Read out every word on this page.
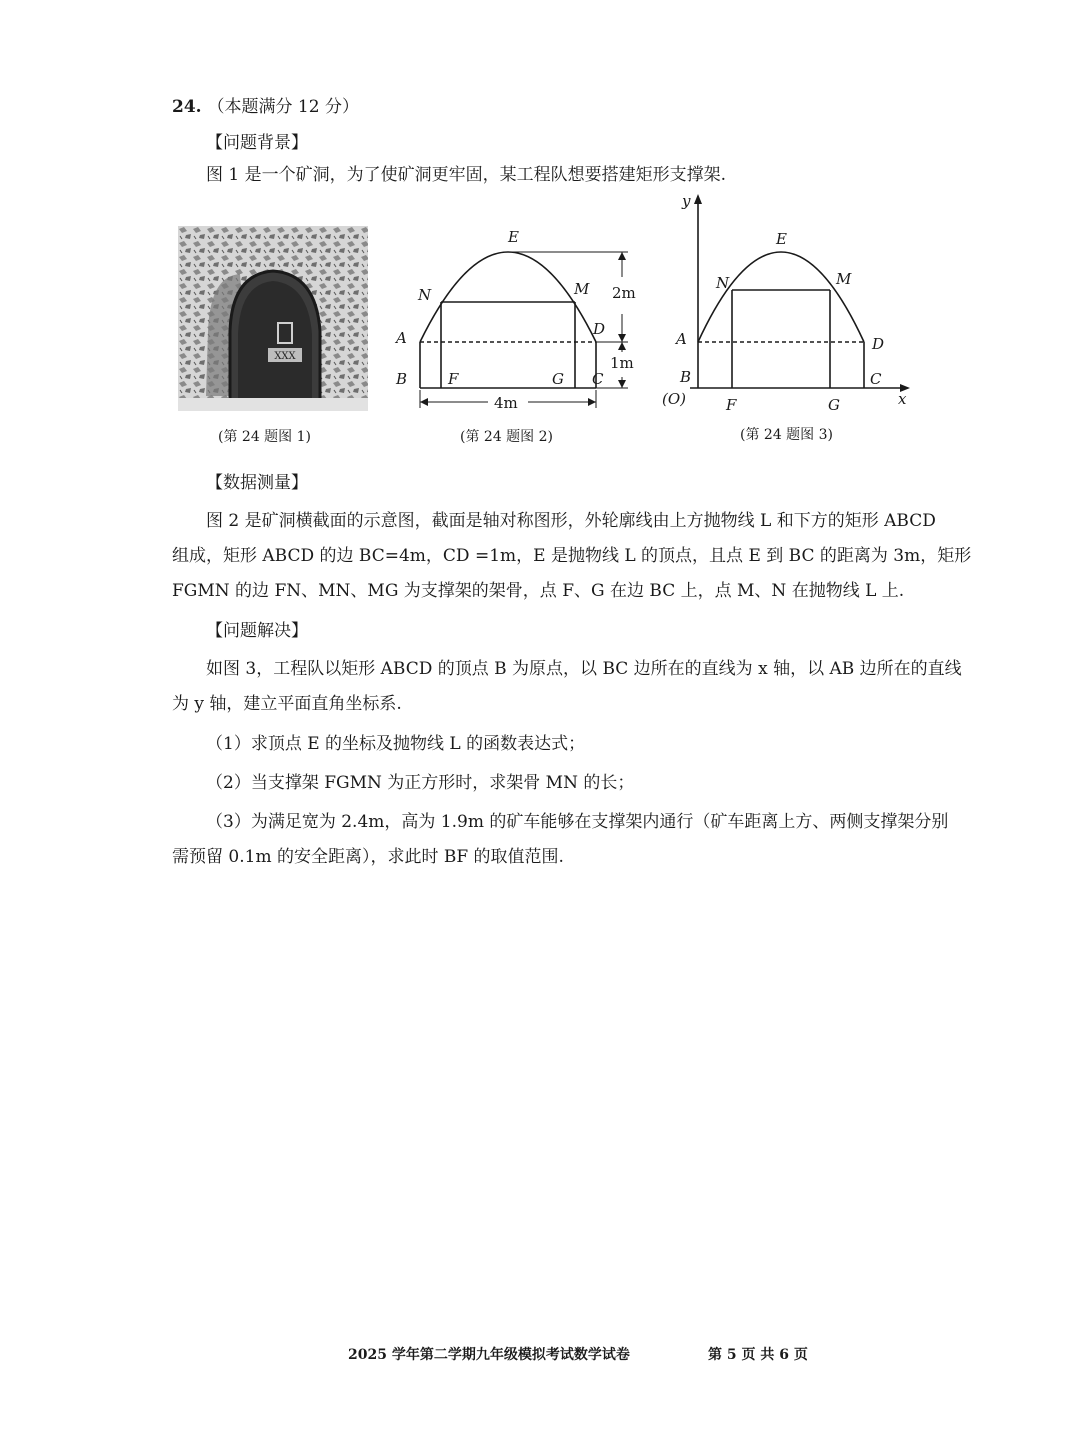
24. （本题满分 12 分）
【问题背景】
图 1 是一个矿洞，为了使矿洞更牢固，某工程队想要搭建矩形支撑架.
XXX
(第 24 题图 1)
E
N	M
A	D
B	F	G C
2m
1m
4m
(第 24 题图 2)
y
x
E
N	M
A	D
B
(O)	F	G
C
(第 24 题图 3)
【数据测量】
图 2 是矿洞横截面的示意图，截面是轴对称图形，外轮廓线由上方抛物线 L 和下方的矩形 ABCD
组成，矩形 ABCD 的边 BC=4m，CD =1m，E 是抛物线 L 的顶点，且点 E 到 BC 的距离为 3m，矩形
FGMN 的边 FN、MN、MG 为支撑架的架骨，点 F、G 在边 BC 上，点 M、N 在抛物线 L 上.
【问题解决】
如图 3，工程队以矩形 ABCD 的顶点 B 为原点，以 BC 边所在的直线为 x 轴，以 AB 边所在的直线
为 y 轴，建立平面直角坐标系.
（1）求顶点 E 的坐标及抛物线 L 的函数表达式；
（2）当支撑架 FGMN 为正方形时，求架骨 MN 的长；
（3）为满足宽为 2.4m，高为 1.9m 的矿车能够在支撑架内通行（矿车距离上方、两侧支撑架分别
需预留 0.1m 的安全距离），求此时 BF 的取值范围.
2025 学年第二学期九年级模拟考试数学试卷	第 5 页 共 6 页
